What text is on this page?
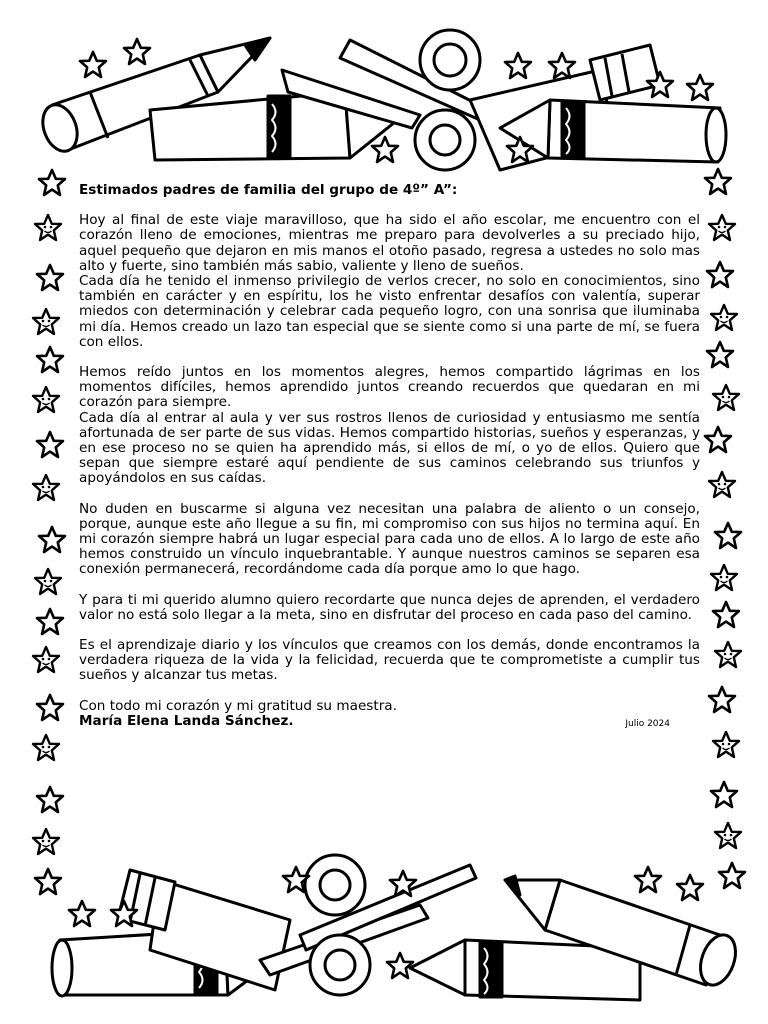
Estimados padres de familia del grupo de 4º” A”:

Hoy al final de este viaje maravilloso, que ha sido el año escolar, me encuentro con el corazón lleno de emociones, mientras me preparo para devolverles a su preciado hijo, aquel pequeño que dejaron en mis manos el otoño pasado, regresa a ustedes no solo mas alto y fuerte, sino también más sabio, valiente y lleno de sueños.

Cada día he tenido el inmenso privilegio de verlos crecer, no solo en conocimientos, sino también en carácter y en espíritu, los he visto enfrentar desafíos con valentía, superar miedos con determinación y celebrar cada pequeño logro, con una sonrisa que iluminaba mi día. Hemos creado un lazo tan especial que se siente como si una parte de mí, se fuera con ellos.

Hemos reído juntos en los momentos alegres, hemos compartido lágrimas en los momentos difíciles, hemos aprendido juntos creando recuerdos que quedaran en mi corazón para siempre.

Cada día al entrar al aula y ver sus rostros llenos de curiosidad y entusiasmo me sentía afortunada de ser parte de sus vidas. Hemos compartido historias, sueños y esperanzas, y en ese proceso no se quien ha aprendido más, si ellos de mí, o yo de ellos. Quiero que sepan que siempre estaré aquí pendiente de sus caminos celebrando sus triunfos y apoyándolos en sus caídas.

No duden en buscarme si alguna vez necesitan una palabra de aliento o un consejo, porque, aunque este año llegue a su fin, mi compromiso con sus hijos no termina aquí. En mi corazón siempre habrá un lugar especial para cada uno de ellos. A lo largo de este año hemos construido un vínculo inquebrantable. Y aunque nuestros caminos se separen esa conexión permanecerá, recordándome cada día porque amo lo que hago.

Y para ti mi querido alumno quiero recordarte que nunca dejes de aprenden, el verdadero valor no está solo llegar a la meta, sino en disfrutar del proceso en cada paso del camino.

Es el aprendizaje diario y los vínculos que creamos con los demás, donde encontramos la verdadera riqueza de la vida y la felicidad, recuerda que te comprometiste a cumplir tus sueños y alcanzar tus metas.

Con todo mi corazón y mi gratitud su maestra.

María Elena Landa Sánchez.	Julio 2024
